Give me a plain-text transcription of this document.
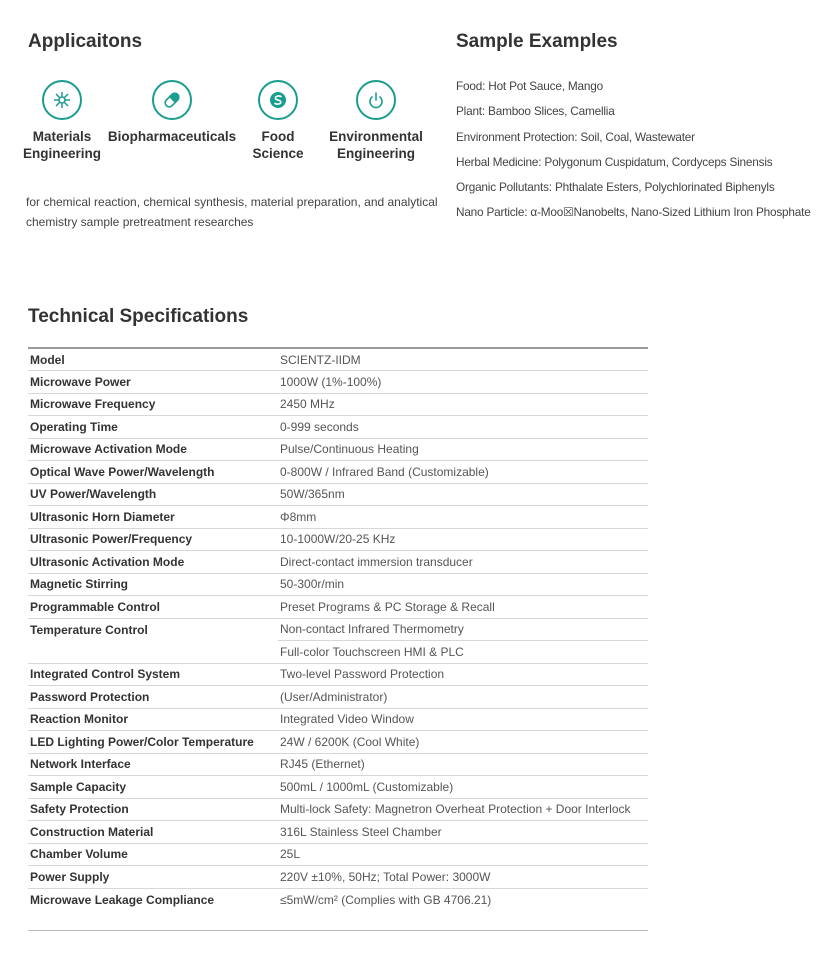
Applicaitons
Materials
Engineering
Biopharmaceuticals	Food
Science
Environmental
Engineering
for chemical reaction, chemical synthesis, material preparation, and analytical chemistry sample pretreatment researches
Sample Examples
Food: Hot Pot Sauce, Mango
Plant: Bamboo Slices, Camellia
Environment Protection: Soil, Coal, Wastewater
Herbal Medicine: Polygonum Cuspidatum, Cordyceps Sinensis
Organic Pollutants: Phthalate Esters, Polychlorinated Biphenyls
Nano Particle: α-Moo☒Nanobelts, Nano-Sized Lithium Iron Phosphate
Technical Specifications
Model	SCIENTZ-IIDM
Microwave Power	1000W (1%-100%)
Microwave Frequency	2450 MHz
Operating Time	0-999 seconds
Microwave Activation Mode	Pulse/Continuous Heating
Optical Wave Power/Wavelength	0-800W / Infrared Band (Customizable)
UV Power/Wavelength	50W/365nm
Ultrasonic Horn Diameter	Φ8mm
Ultrasonic Power/Frequency	10-1000W/20-25 KHz
Ultrasonic Activation Mode	Direct-contact immersion transducer
Magnetic Stirring	50-300r/min
Programmable Control	Preset Programs & PC Storage & Recall
Temperature Control	Non-contact Infrared Thermometry
	Full-color Touchscreen HMI & PLC
Integrated Control System	Two-level Password Protection
Password Protection	(User/Administrator)
Reaction Monitor	Integrated Video Window
LED Lighting Power/Color Temperature	24W / 6200K (Cool White)
Network Interface	RJ45 (Ethernet)
Sample Capacity	500mL / 1000mL (Customizable)
Safety Protection	Multi-lock Safety: Magnetron Overheat Protection + Door Interlock
Construction Material	316L Stainless Steel Chamber
Chamber Volume	25L
Power Supply	220V ±10%, 50Hz; Total Power: 3000W
Microwave Leakage Compliance	≤5mW/cm² (Complies with GB 4706.21)
